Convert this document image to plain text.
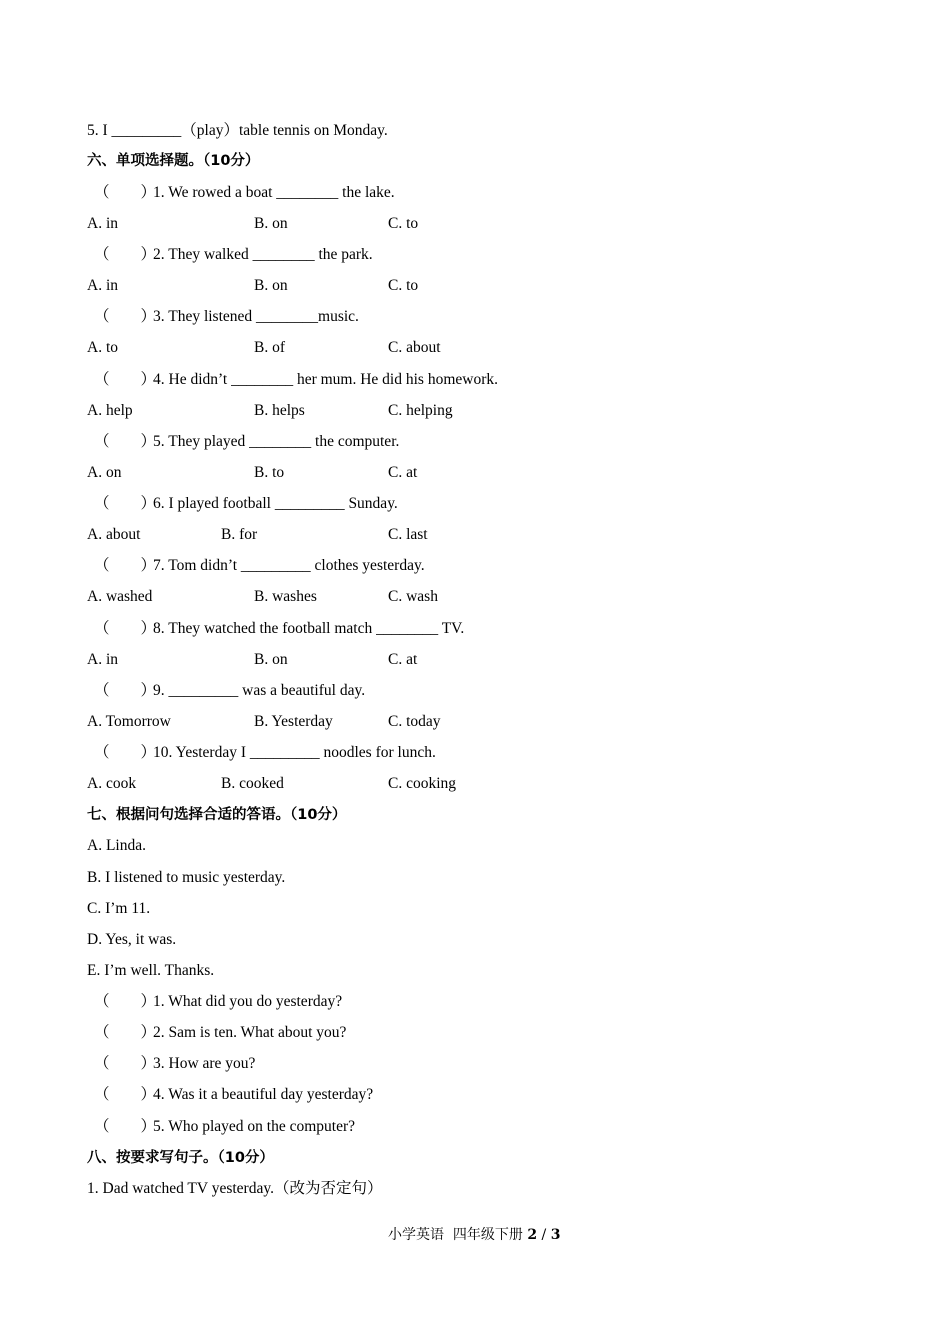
5. I _________（play）table tennis on Monday.
六、单项选择题。（10分）
（　　）
1. We rowed a boat ________ the lake.
A. in	B. on	C. to
（　　）
2. They walked ________ the park.
A. in	B. on	C. to
（　　）
3. They listened ________music.
A. to	B. of	C. about
（　　）
4. He didn’t ________ her mum. He did his homework.
A. help	B. helps	C. helping
（　　）
5. They played ________ the computer.
A. on	B. to	C. at
（　　）
6. I played football _________ Sunday.
A. about	B. for	C. last
（　　）
7. Tom didn’t _________ clothes yesterday.
A. washed	B. washes	C. wash
（　　）
8. They watched the football match ________ TV.
A. in	B. on	C. at
（　　）
9. _________ was a beautiful day.
A. Tomorrow	B. Yesterday	C. today
（　　）
10. Yesterday I _________ noodles for lunch.
A. cook	B. cooked	C. cooking
七、根据问句选择合适的答语。（10分）
A. Linda.
B. I listened to music yesterday.
C. I’m 11.
D. Yes, it was.
E. I’m well. Thanks.
（　　）
1. What did you do yesterday?
（　　）
2. Sam is ten. What about you?
（　　）
3. How are you?
（　　）
4. Was it a beautiful day yesterday?
（　　）
5. Who played on the computer?
八、按要求写句子。（10分）
1. Dad watched TV yesterday.（改为否定句）
小学英语  四年级下册 2 / 3
